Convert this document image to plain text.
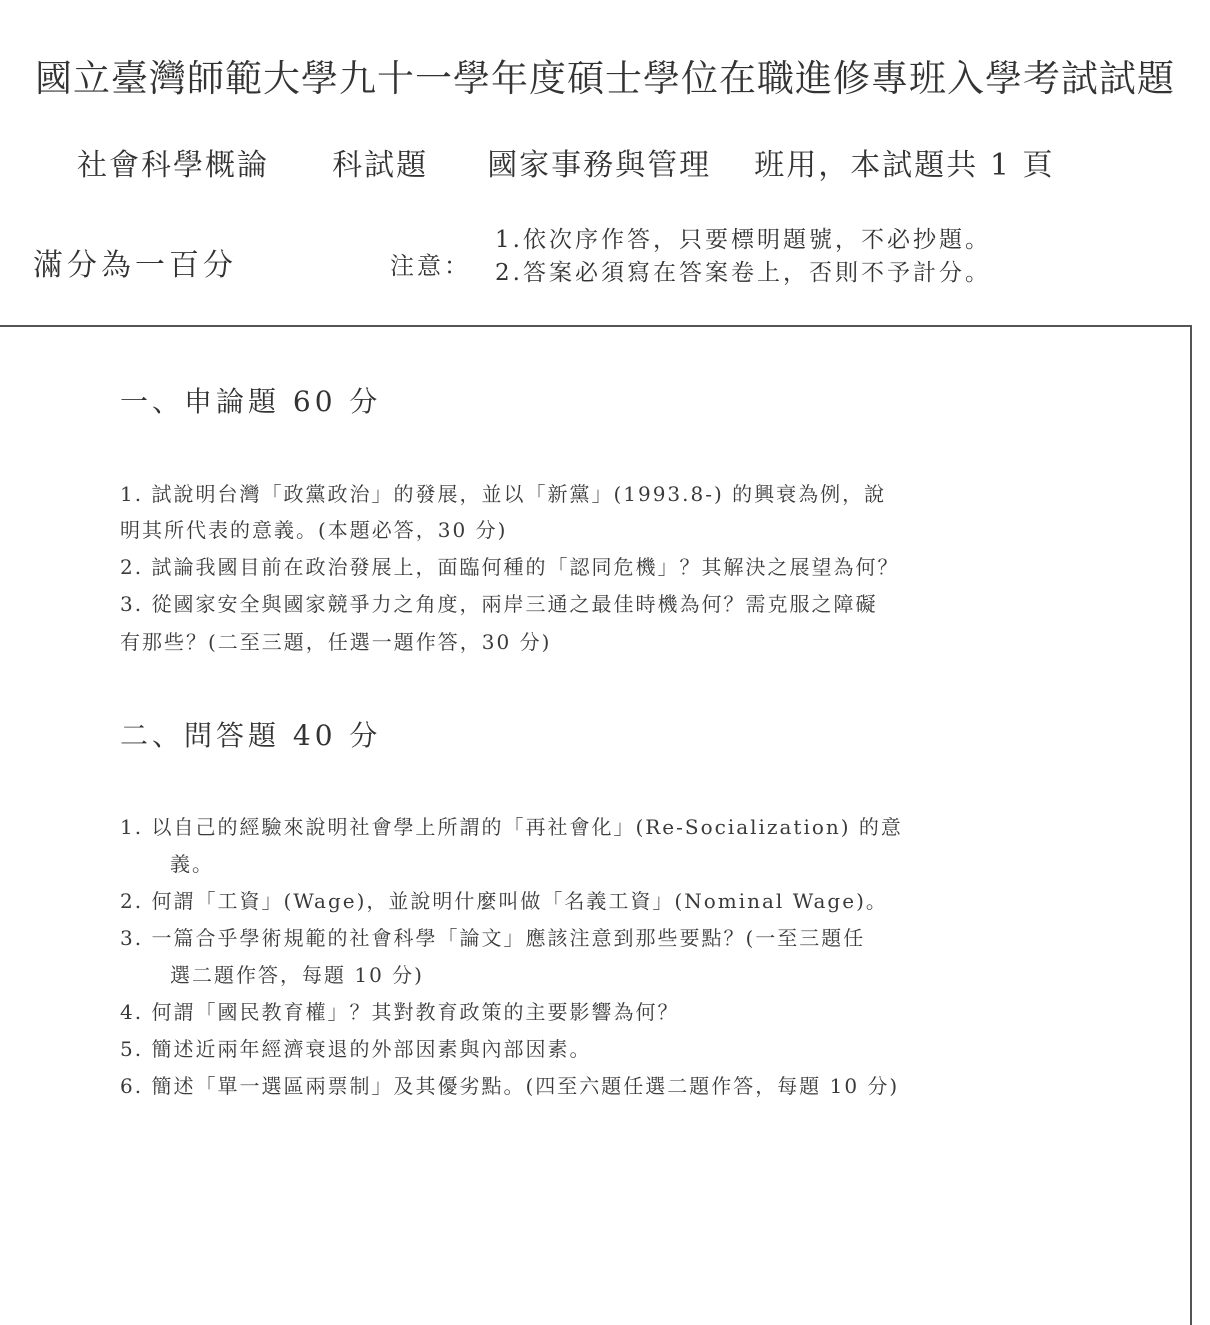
國立臺灣師範大學九十一學年度碩士學位在職進修專班入學考試試題
社會科學概論 科試題 國家事務與管理 班用，本試題共 1 頁
滿分為一百分	注意：
1.依次序作答，只要標明題號，不必抄題。
2.答案必須寫在答案卷上，否則不予計分。
一、申論題 60 分
1. 試說明台灣「政黨政治」的發展，並以「新黨」(1993.8-) 的興衰為例，說
明其所代表的意義。(本題必答，30 分)
2. 試論我國目前在政治發展上，面臨何種的「認同危機」？其解決之展望為何？
3. 從國家安全與國家競爭力之角度，兩岸三通之最佳時機為何？需克服之障礙
有那些？(二至三題，任選一題作答，30 分)
二、問答題 40 分
1. 以自己的經驗來說明社會學上所謂的「再社會化」(Re-Socialization) 的意
義。
2. 何謂「工資」(Wage)，並說明什麼叫做「名義工資」(Nominal Wage)。
3. 一篇合乎學術規範的社會科學「論文」應該注意到那些要點？(一至三題任
選二題作答，每題 10 分)
4. 何謂「國民教育權」？其對教育政策的主要影響為何？
5. 簡述近兩年經濟衰退的外部因素與內部因素。
6. 簡述「單一選區兩票制」及其優劣點。(四至六題任選二題作答，每題 10 分)
